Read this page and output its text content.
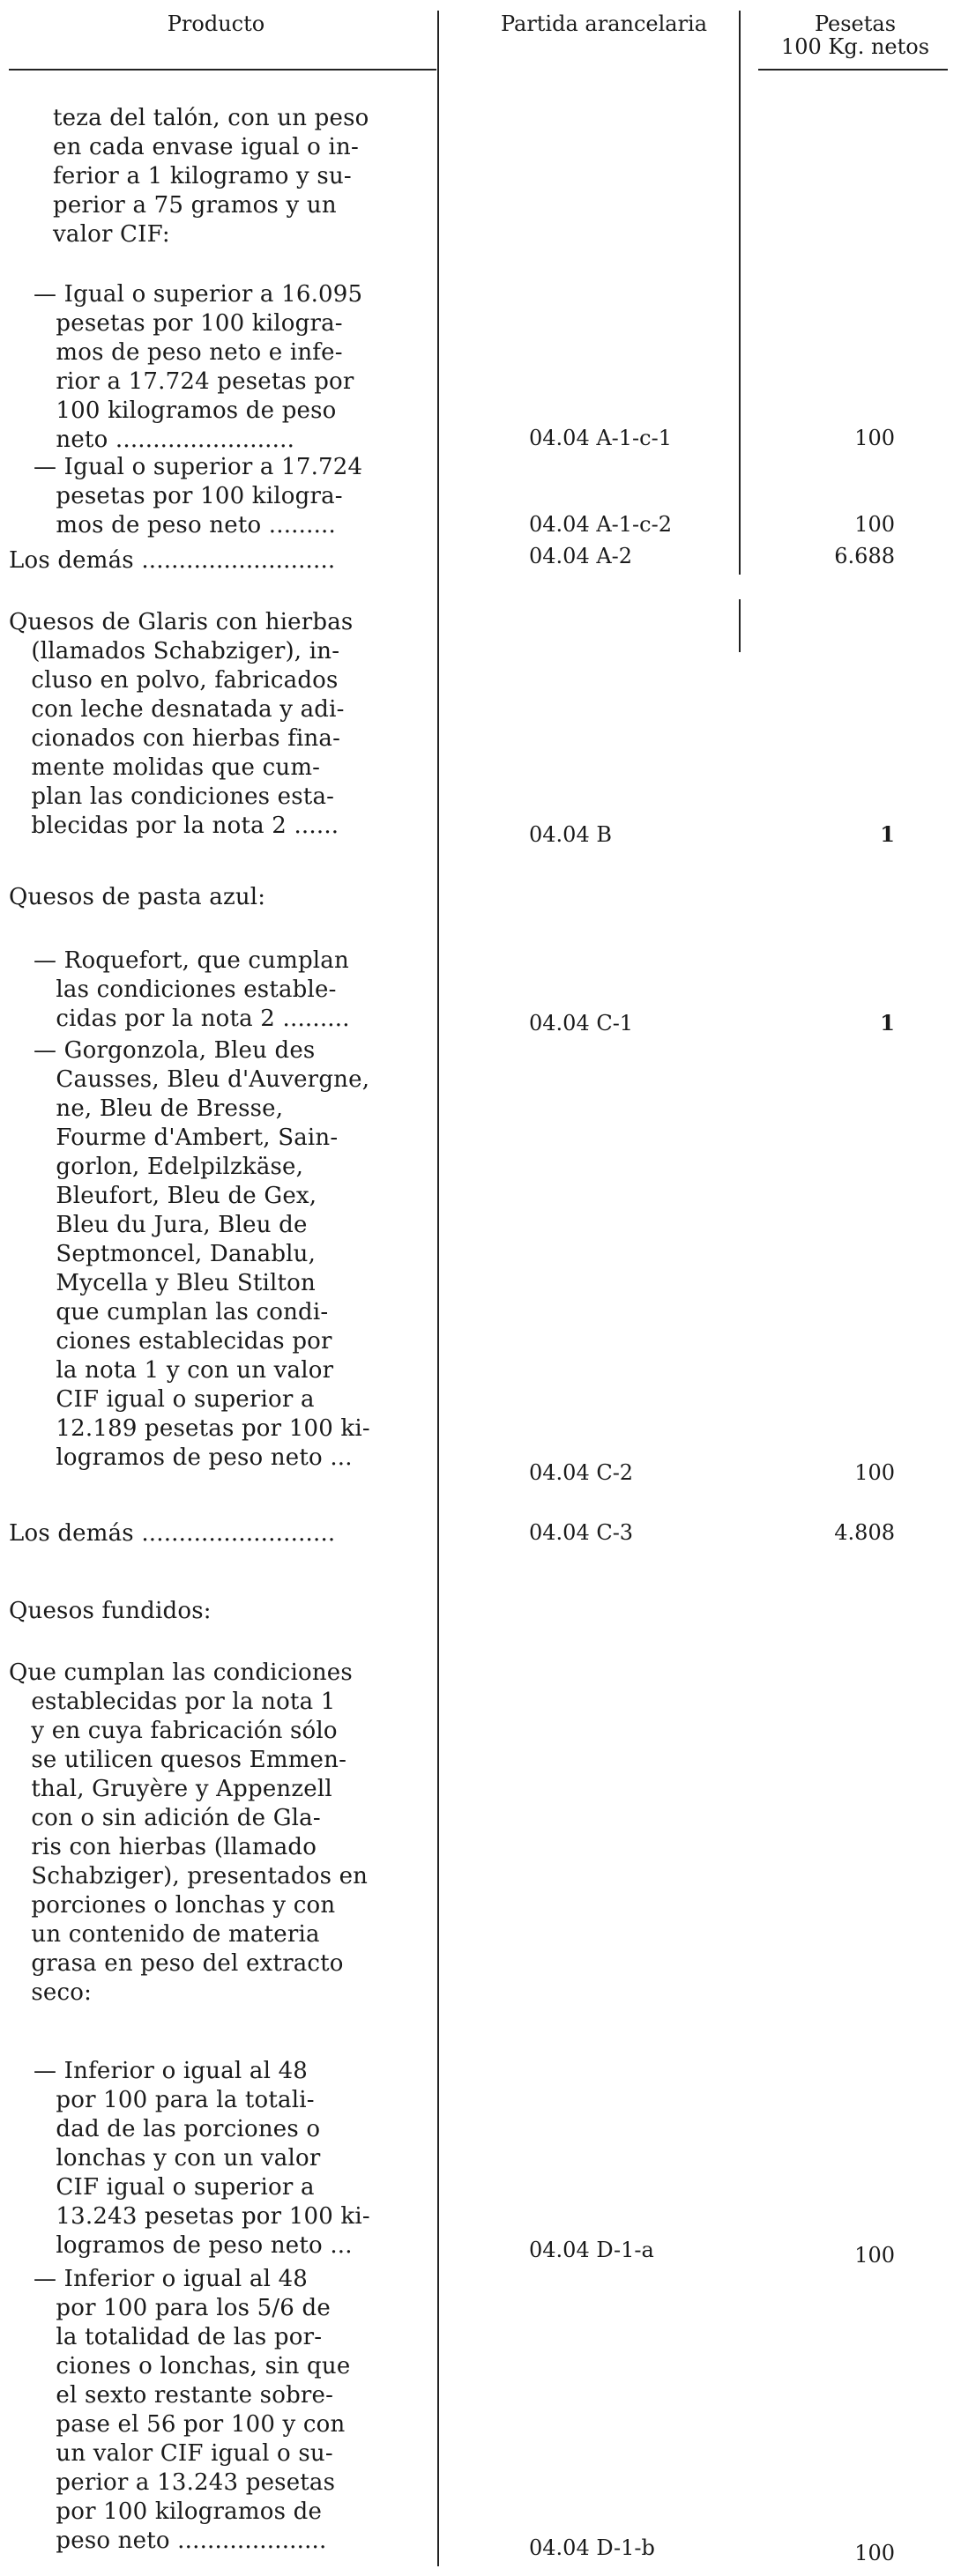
Producto	Partida arancelaria	Pesetas
100 Kg. netos
teza del talón, con un peso
en cada envase igual o in-
ferior a 1 kilogramo y su-
perior a 75 gramos y un
valor CIF:
— Igual o superior a 16.095
pesetas por 100 kilogra-
mos de peso neto e infe-
rior a 17.724 pesetas por
100 kilogramos de peso
neto ........................	04.04 A-1-c-1	100
— Igual o superior a 17.724
pesetas por 100 kilogra-
mos de peso neto .........	04.04 A-1-c-2	100
Los demás ..........................	04.04 A-2	6.688
Quesos de Glaris con hierbas
(llamados Schabziger), in-
cluso en polvo, fabricados
con leche desnatada y adi-
cionados con hierbas fina-
mente molidas que cum-
plan las condiciones esta-
blecidas por la nota 2 ......	04.04 B	1
Quesos de pasta azul:
— Roquefort, que cumplan
las condiciones estable-
cidas por la nota 2 .........	04.04 C-1	1
— Gorgonzola, Bleu des
Causses, Bleu d'Auvergne,
ne, Bleu de Bresse,
Fourme d'Ambert, Sain-
gorlon, Edelpilzkäse,
Bleufort, Bleu de Gex,
Bleu du Jura, Bleu de
Septmoncel, Danablu,
Mycella y Bleu Stilton
que cumplan las condi-
ciones establecidas por
la nota 1 y con un valor
CIF igual o superior a
12.189 pesetas por 100 ki-
logramos de peso neto ...
04.04 C-2	100
Los demás ..........................	04.04 C-3	4.808
Quesos fundidos:
Que cumplan las condiciones
establecidas por la nota 1
y en cuya fabricación sólo
se utilicen quesos Emmen-
thal, Gruyère y Appenzell
con o sin adición de Gla-
ris con hierbas (llamado
Schabziger), presentados en
porciones o lonchas y con
un contenido de materia
grasa en peso del extracto
seco:
— Inferior o igual al 48
por 100 para la totali-
dad de las porciones o
lonchas y con un valor
CIF igual o superior a
13.243 pesetas por 100 ki-
logramos de peso neto ...	04.04 D-1-a	100
— Inferior o igual al 48
por 100 para los 5/6 de
la totalidad de las por-
ciones o lonchas, sin que
el sexto restante sobre-
pase el 56 por 100 y con
un valor CIF igual o su-
perior a 13.243 pesetas
por 100 kilogramos de
peso neto ....................	04.04 D-1-b	100
